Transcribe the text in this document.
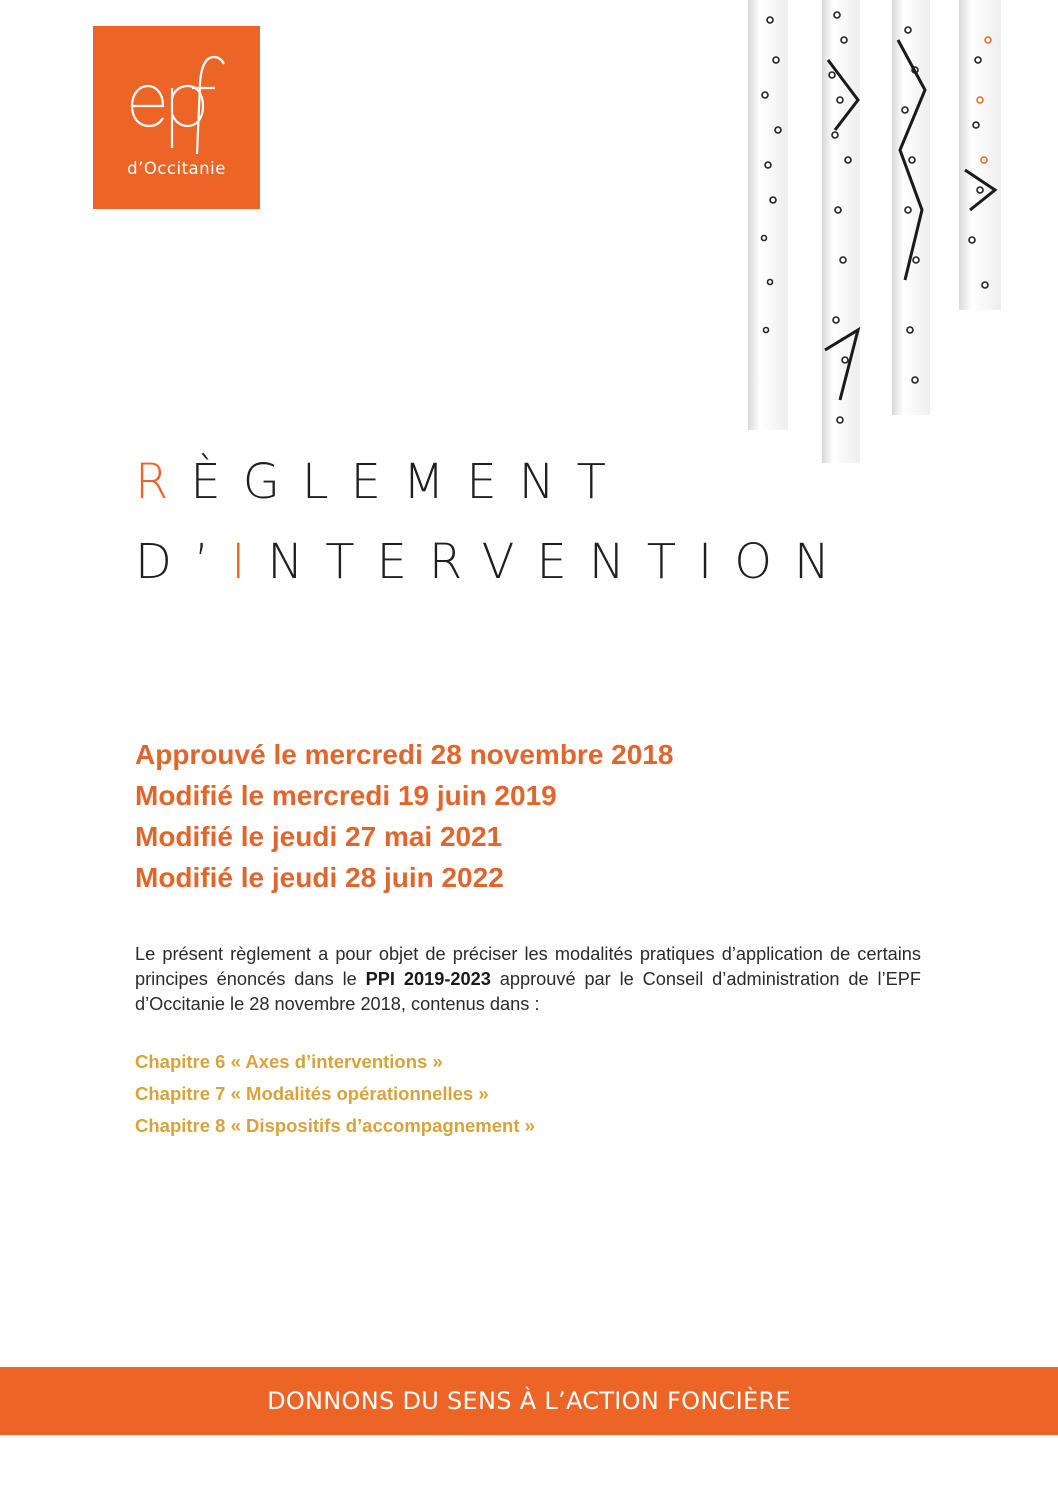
d’Occitanie
RÈGLEMENT
D’INTERVENTION
Approuvé le mercredi 28 novembre 2018
Modifié le mercredi 19 juin 2019
Modifié le jeudi 27 mai 2021
Modifié le jeudi 28 juin 2022
Le présent règlement a pour objet de préciser les modalités pratiques d’application de certains principes énoncés dans le PPI 2019-2023 approuvé par le Conseil d’administration de l’EPF d’Occitanie le 28 novembre 2018, contenus dans :
Chapitre 6 « Axes d’interventions »
Chapitre 7 « Modalités opérationnelles »
Chapitre 8 « Dispositifs d’accompagnement »
DONNONS DU SENS À L’ACTION FONCIÈRE
